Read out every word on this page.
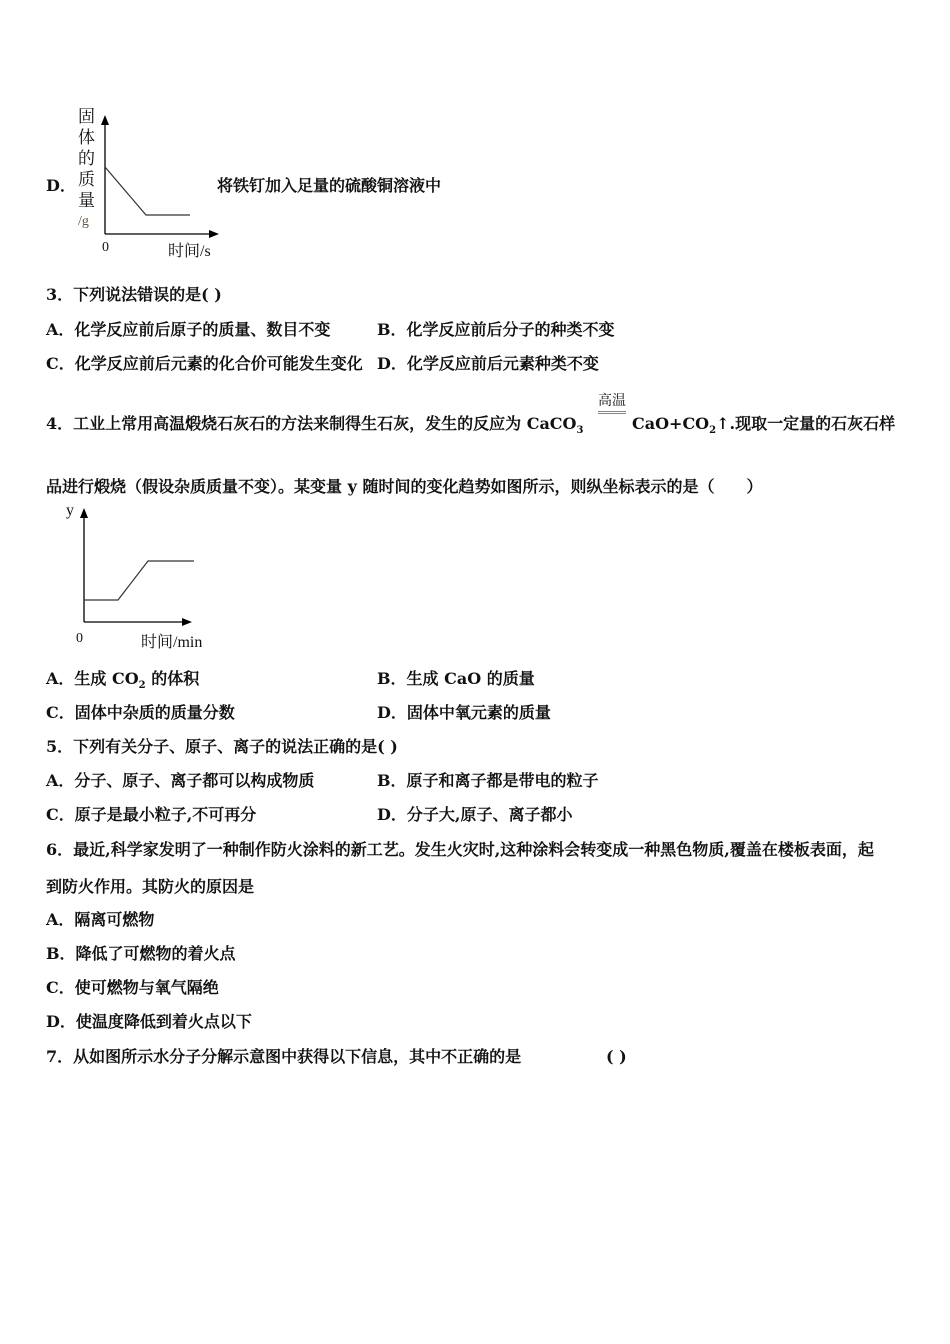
D．
固
体
的
质
量
/g
0	时间/s
将铁钉加入足量的硫酸铜溶液中
3．下列说法错误的是( )
A．化学反应前后原子的质量、数目不变	B．化学反应前后分子的种类不变
C．化学反应前后元素的化合价可能发生变化 D．化学反应前后元素种类不变
4．工业上常用高温煅烧石灰石的方法来制得生石灰，发生的反应为 CaCO$_3$
高温
$CaO+CO_2↑$.现取一定量的石灰石样
品进行煅烧（假设杂质质量不变）。某变量 y 随时间的变化趋势如图所示，则纵坐标表示的是（　　）
y
0	时间/min
A．生成 $CO_2$ 的体积	B．生成 CaO 的质量
C．固体中杂质的质量分数	D．固体中氧元素的质量
5．下列有关分子、原子、离子的说法正确的是( )
A．分子、原子、离子都可以构成物质	B．原子和离子都是带电的粒子
C．原子是最小粒子,不可再分	D．分子大,原子、离子都小
6．最近,科学家发明了一种制作防火涂料的新工艺。发生火灾时,这种涂料会转变成一种黑色物质,覆盖在楼板表面，起
到防火作用。其防火的原因是
A．隔离可燃物
B．降低了可燃物的着火点
C．使可燃物与氧气隔绝
D．使温度降低到着火点以下
7．从如图所示水分子分解示意图中获得以下信息，其中不正确的是	( )
